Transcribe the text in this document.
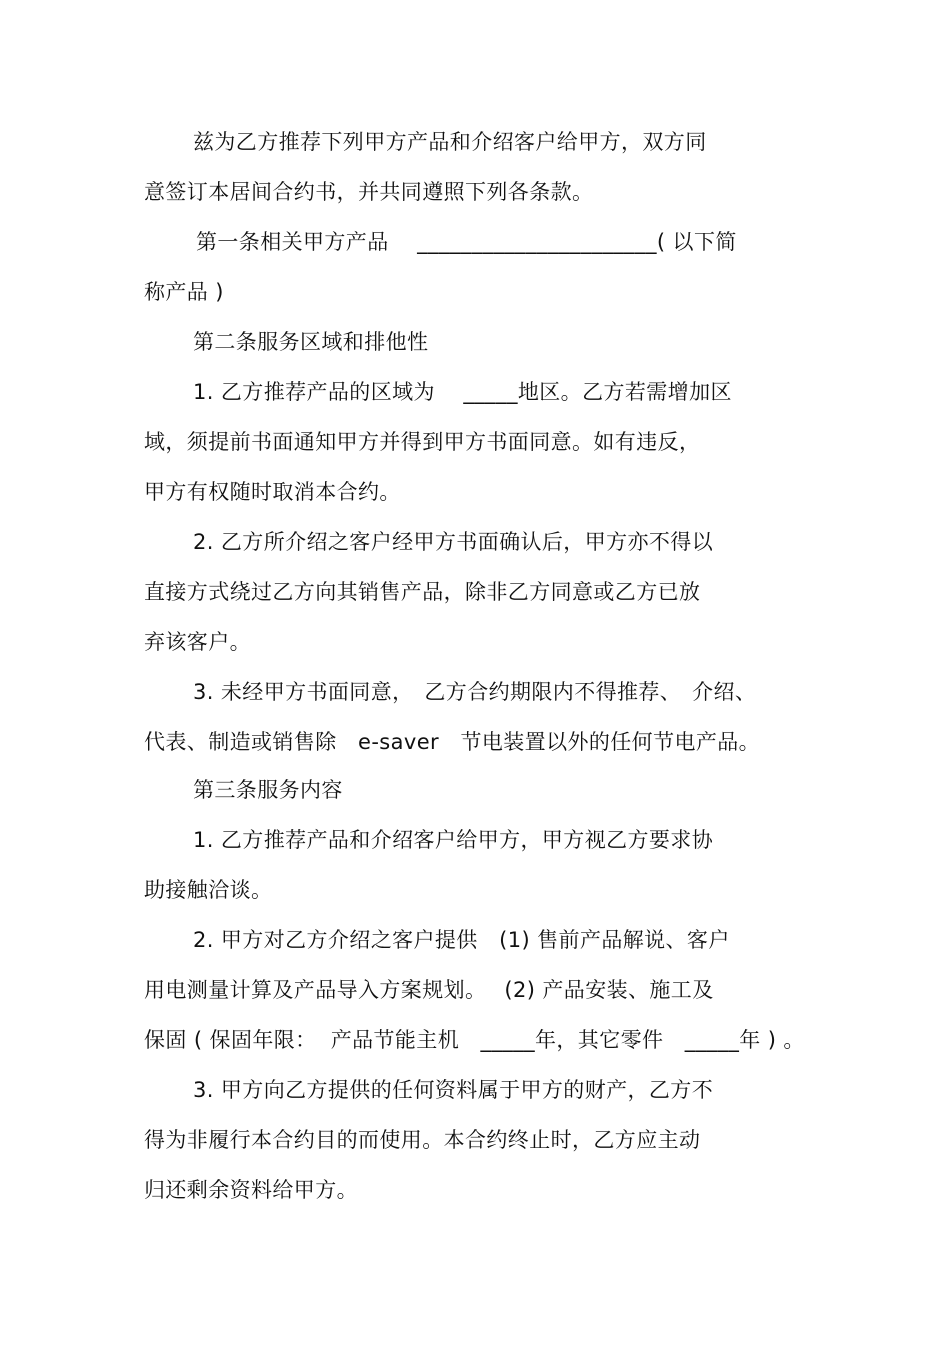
兹为乙方推荐下列甲方产品和介绍客户给甲方，双方同
意签订本居间合约书，并共同遵照下列各条款。
第一条相关甲方产品　 ______________________( 以下简
称产品 )
第二条服务区域和排他性
1. 乙方推荐产品的区域为　 _____地区。乙方若需增加区
域，须提前书面通知甲方并得到甲方书面同意。如有违反，
甲方有权随时取消本合约。
2. 乙方所介绍之客户经甲方书面确认后，甲方亦不得以
直接方式绕过乙方向其销售产品，除非乙方同意或乙方已放
弃该客户。
3. 未经甲方书面同意，　乙方合约期限内不得推荐、　介绍、
代表、制造或销售除　e-saver　节电装置以外的任何节电产品。
第三条服务内容
1. 乙方推荐产品和介绍客户给甲方，甲方视乙方要求协
助接触洽谈。
2. 甲方对乙方介绍之客户提供　(1) 售前产品解说、客户
用电测量计算及产品导入方案规划。　 (2) 产品安装、施工及
保固 ( 保固年限：  产品节能主机　_____年，其它零件　_____年 ) 。
3. 甲方向乙方提供的任何资料属于甲方的财产，乙方不
得为非履行本合约目的而使用。本合约终止时，乙方应主动
归还剩余资料给甲方。
